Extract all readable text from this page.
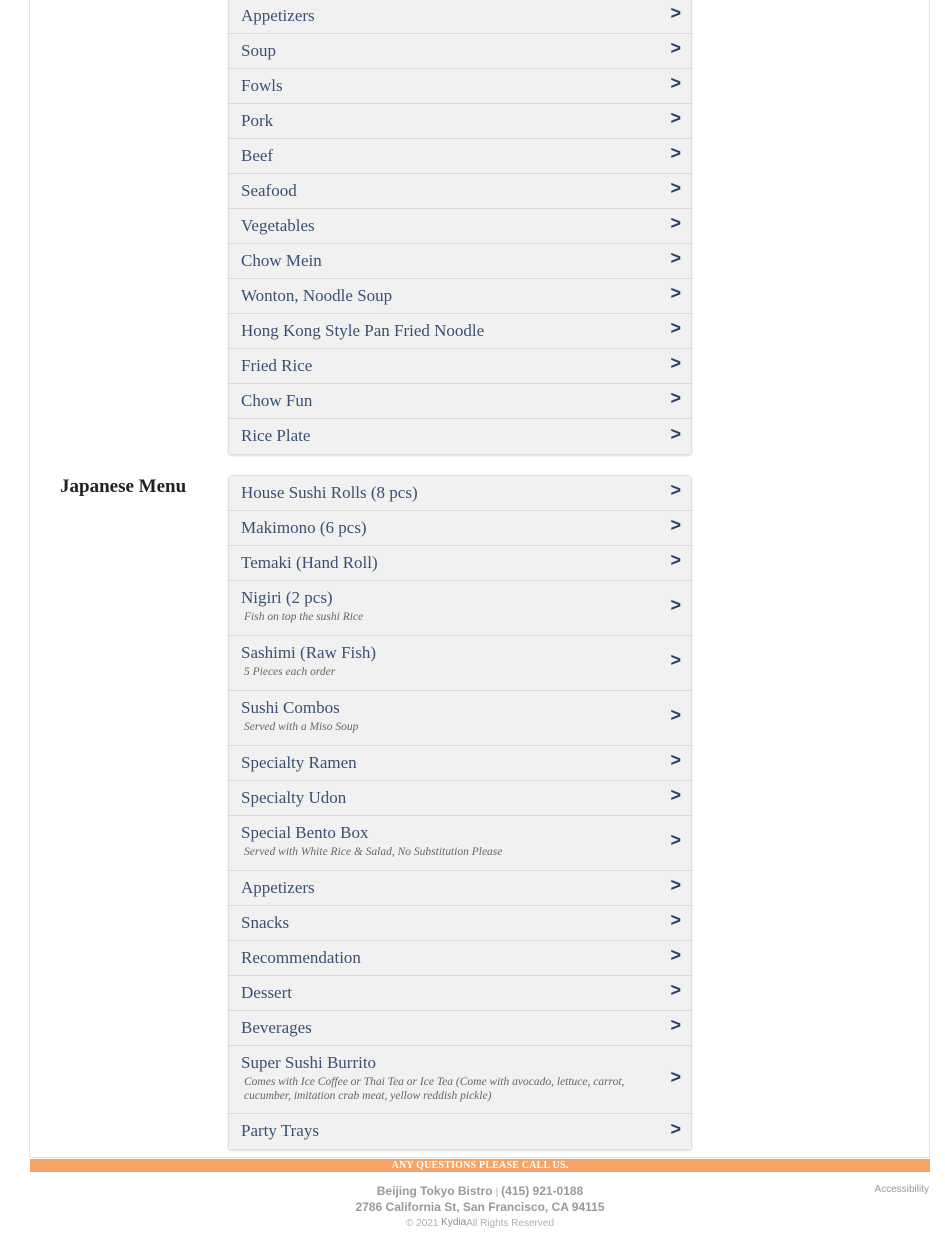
Appetizers	>
Soup	>
Fowls	>
Pork	>
Beef	>
Seafood	>
Vegetables	>
Chow Mein	>
Wonton, Noodle Soup	>
Hong Kong Style Pan Fried Noodle	>
Fried Rice	>
Chow Fun	>
Rice Plate	>
Japanese Menu	House Sushi Rolls (8 pcs)	>
Makimono (6 pcs)	>
Temaki (Hand Roll)	>
Nigiri (2 pcs)
Fish on top the sushi Rice
>
Sashimi (Raw Fish)
5 Pieces each order
>
Sushi Combos
Served with a Miso Soup
>
Specialty Ramen	>
Specialty Udon	>
Special Bento Box
Served with White Rice & Salad, No Substitution Please
>
Appetizers	>
Snacks	>
Recommendation	>
Dessert	>
Beverages	>
Super Sushi Burrito
Comes with Ice Coffee or Thai Tea or Ice Tea (Come with avocado, lettuce, carrot, cucumber, imitation crab meat, yellow reddish pickle)
>
Party Trays	>
ANY QUESTIONS PLEASE CALL US.
Beijing Tokyo Bistro | (415) 921-0188
2786 California St, San Francisco, CA 94115
© 2021 KydiaAll Rights Reserved
Accessibility
